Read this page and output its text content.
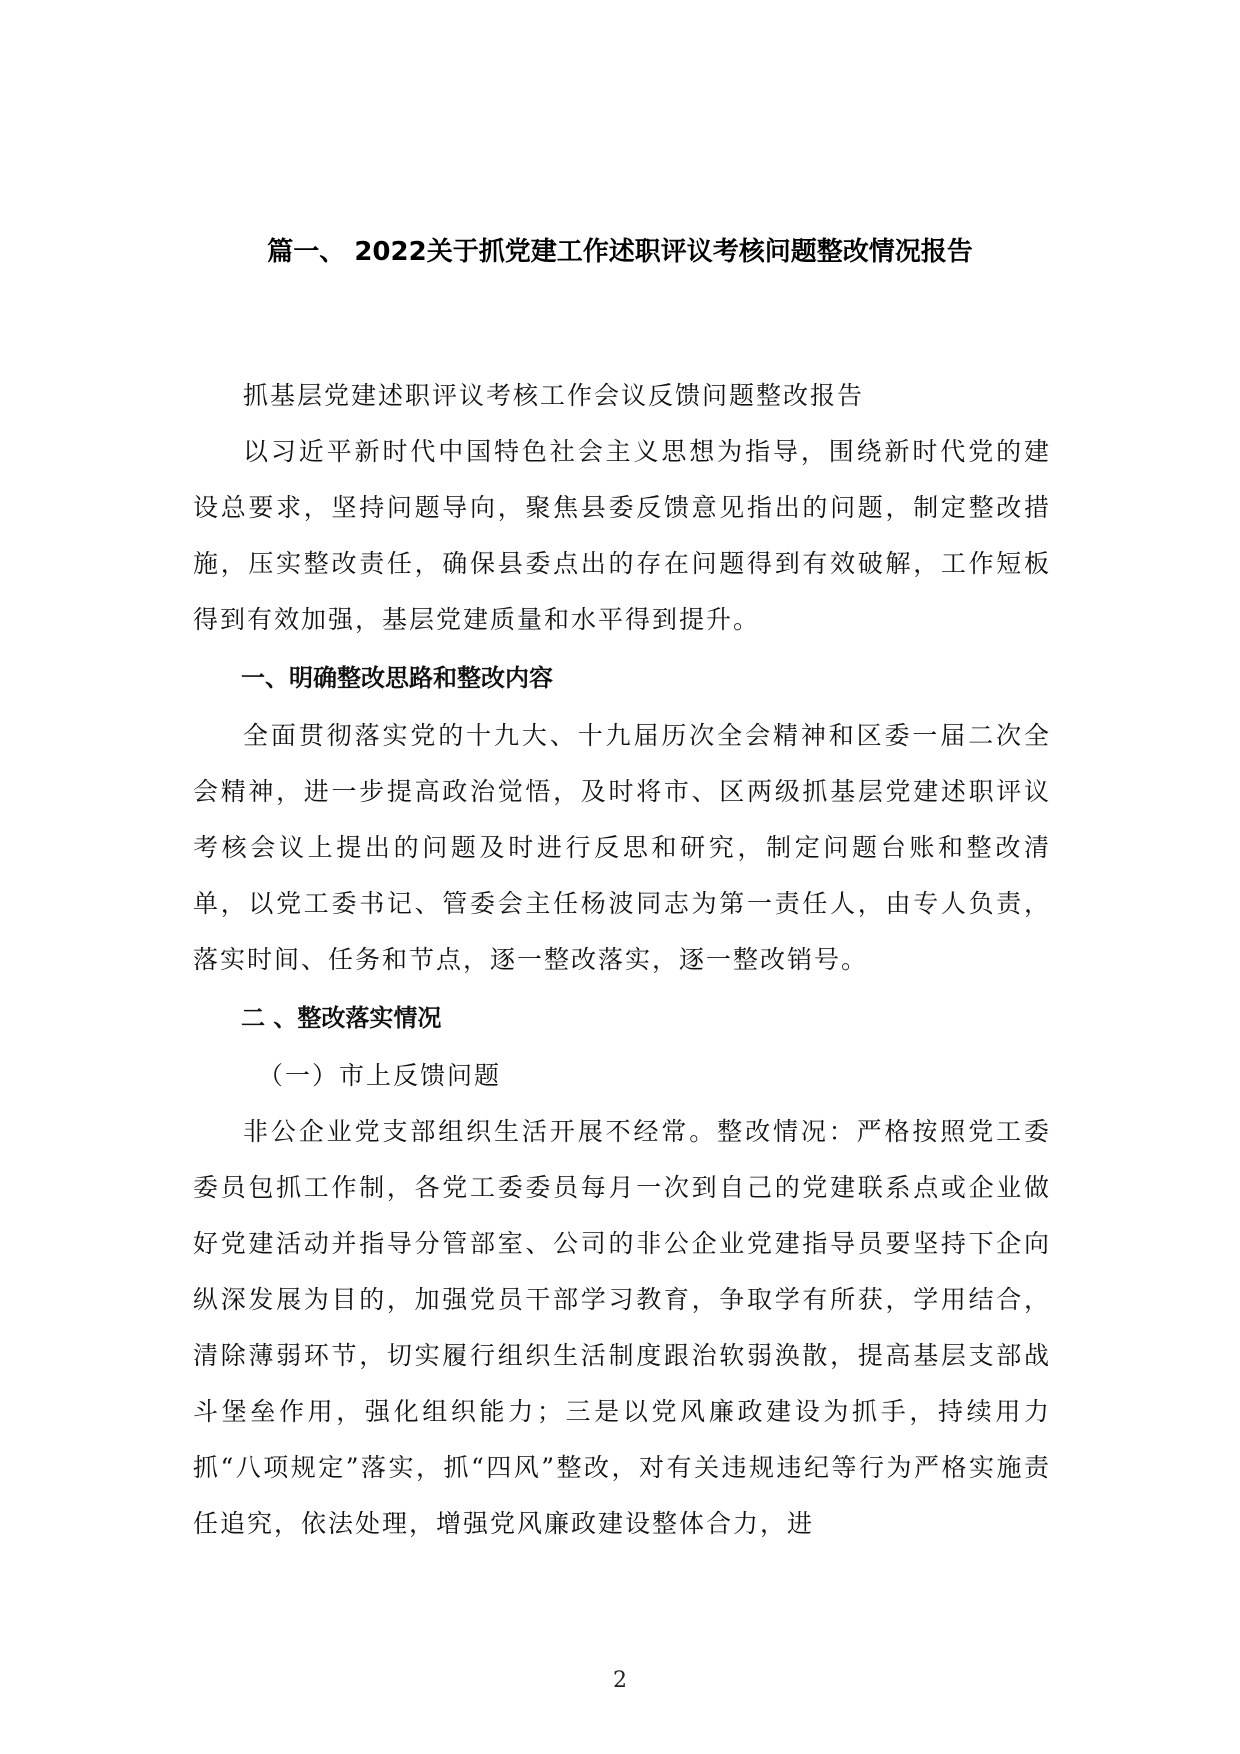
篇一、 2022关于抓党建工作述职评议考核问题整改情况报告

抓基层党建述职评议考核工作会议反馈问题整改报告

以习近平新时代中国特色社会主义思想为指导，围绕新时代党的建设总要求，坚持问题导向，聚焦县委反馈意见指出的问题，制定整改措施，压实整改责任，确保县委点出的存在问题得到有效破解，工作短板得到有效加强，基层党建质量和水平得到提升。

一、明确整改思路和整改内容

全面贯彻落实党的十九大、十九届历次全会精神和区委一届二次全会精神，进一步提高政治觉悟，及时将市、区两级抓基层党建述职评议考核会议上提出的问题及时进行反思和研究，制定问题台账和整改清单，以党工委书记、管委会主任杨波同志为第一责任人，由专人负责，落实时间、任务和节点，逐一整改落实，逐一整改销号。

二 、整改落实情况

（一）市上反馈问题

非公企业党支部组织生活开展不经常。整改情况：严格按照党工委委员包抓工作制，各党工委委员每月一次到自己的党建联系点或企业做好党建活动并指导分管部室、公司的非公企业党建指导员要坚持下企向纵深发展为目的，加强党员干部学习教育，争取学有所获，学用结合，清除薄弱环节，切实履行组织生活制度跟治软弱涣散，提高基层支部战斗堡垒作用，强化组织能力；三是以党风廉政建设为抓手，持续用力抓“八项规定”落实，抓“四风”整改，对有关违规违纪等行为严格实施责任追究，依法处理，增强党风廉政建设整体合力，进

2
